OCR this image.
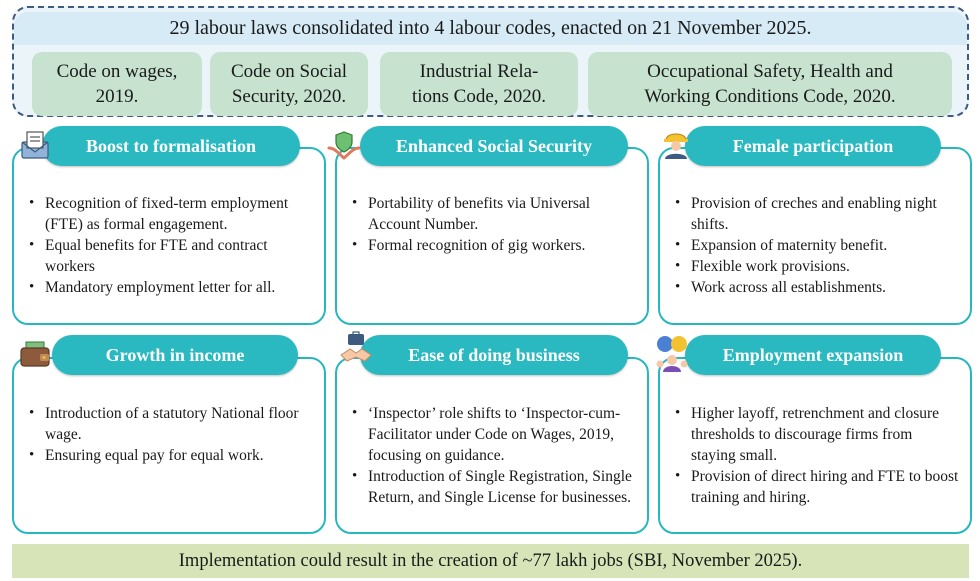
29 labour laws consolidated into 4 labour codes, enacted on 21 November 2025.
Code on wages,
2019.
Code on Social
Security, 2020.
Industrial Rela-
tions Code, 2020.
Occupational Safety, Health and
Working Conditions Code, 2020.
• Recognition of fixed-term employment (FTE) as formal engagement.
• Equal benefits for FTE and contract workers
• Mandatory employment letter for all.
Boost to formalisation
• Portability of benefits via Universal Account Number.
• Formal recognition of gig workers.
Enhanced Social Security
• Provision of creches and enabling night shifts.
• Expansion of maternity benefit.
• Flexible work provisions.
• Work across all establishments.
Female participation
• Introduction of a statutory National floor wage.
• Ensuring equal pay for equal work.
Growth in income
• ‘Inspector’ role shifts to ‘Inspector-cum-Facilitator under Code on Wages, 2019, focusing on guidance.
• Introduction of Single Registration, Single Return, and Single License for businesses.
Ease of doing business
• Higher layoff, retrenchment and closure thresholds to discourage firms from staying small.
• Provision of direct hiring and FTE to boost training and hiring.
Employment expansion
Implementation could result in the creation of ~77 lakh jobs (SBI, November 2025).
